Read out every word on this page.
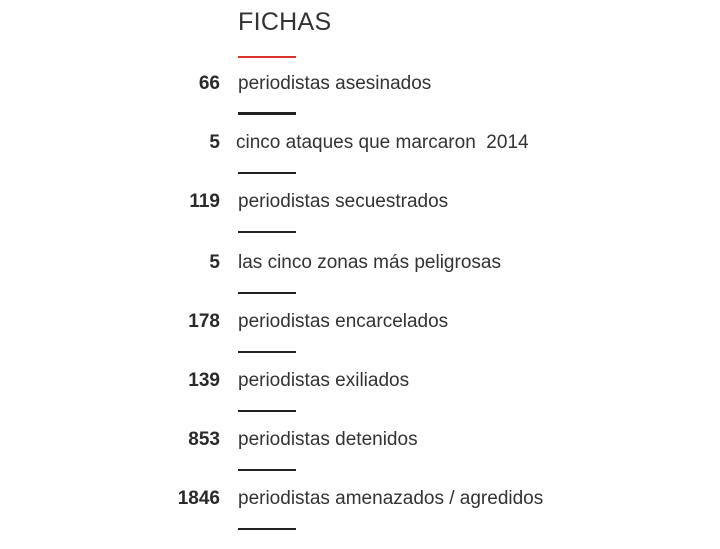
FICHAS
66 periodistas asesinados
5 cinco ataques que marcaron  2014
119 periodistas secuestrados
5 las cinco zonas más peligrosas
178 periodistas encarcelados
139 periodistas exiliados
853 periodistas detenidos
1846 periodistas amenazados / agredidos
